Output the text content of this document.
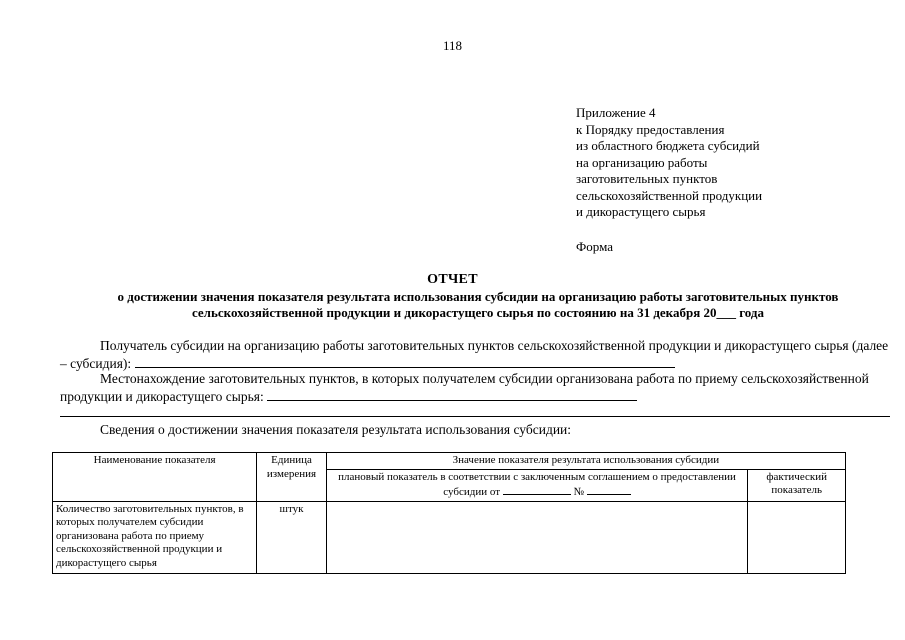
118
Приложение 4
к Порядку предоставления
из областного бюджета субсидий
на организацию работы
заготовительных пунктов
сельскохозяйственной продукции
и дикорастущего сырья
Форма
ОТЧЕТ
о достижении значения показателя результата использования субсидии на организацию работы заготовительных пунктов сельскохозяйственной продукции и дикорастущего сырья по состоянию на 31 декабря 20___ года
Получатель субсидии на организацию работы заготовительных пунктов сельскохозяйственной продукции и дикорастущего сырья (далее – субсидия):
Местонахождение заготовительных пунктов, в которых получателем субсидии организована работа по приему сельскохозяйственной продукции и дикорастущего сырья:
Сведения о достижении значения показателя результата использования субсидии:
Наименование показателя	Единица измерения	Значение показателя результата использования субсидии	
		плановый показатель в соответствии с заключенным соглашением о предоставлении субсидии от №	фактический показатель
Количество заготовительных пунктов, в которых получателем субсидии организована работа по приему сельскохозяйственной продукции и дикорастущего сырья	штук		
